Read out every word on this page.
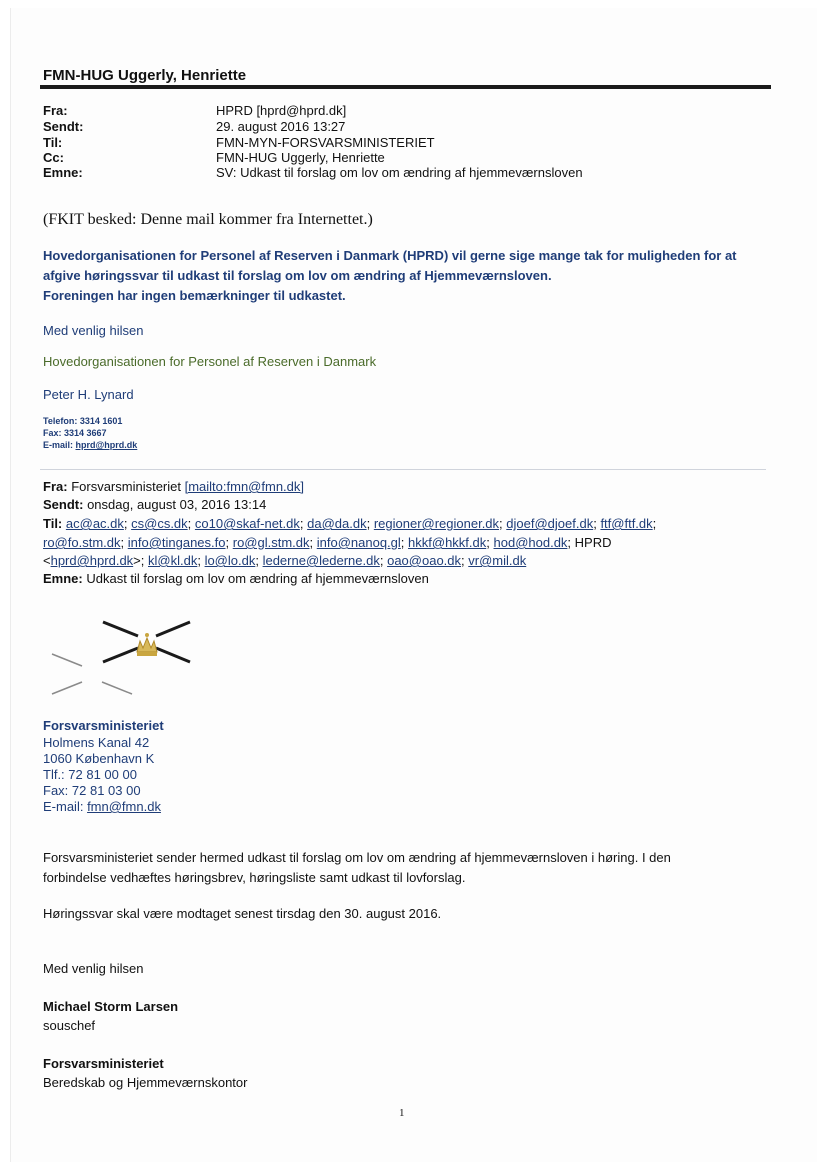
FMN-HUG Uggerly, Henriette
Fra:	HPRD [hprd@hprd.dk]
Sendt:	29. august 2016 13:27
Til:	FMN-MYN-FORSVARSMINISTERIET
Cc:	FMN-HUG Uggerly, Henriette
Emne:	SV: Udkast til forslag om lov om ændring af hjemmeværnsloven
(FKIT besked: Denne mail kommer fra Internettet.)
Hovedorganisationen for Personel af Reserven i Danmark (HPRD) vil gerne sige mange tak for muligheden for at
afgive høringssvar til udkast til forslag om lov om ændring af Hjemmeværnsloven.
Foreningen har ingen bemærkninger til udkastet.
Med venlig hilsen
Hovedorganisationen for Personel af Reserven i Danmark
Peter H. Lynard
Telefon: 3314 1601
Fax: 3314 3667
E-mail: hprd@hprd.dk
Fra: Forsvarsministeriet [mailto:fmn@fmn.dk]
Sendt: onsdag, august 03, 2016 13:14
Til: ac@ac.dk; cs@cs.dk; co10@skaf-net.dk; da@da.dk; regioner@regioner.dk; djoef@djoef.dk; ftf@ftf.dk;
ro@fo.stm.dk; info@tinganes.fo; ro@gl.stm.dk; info@nanoq.gl; hkkf@hkkf.dk; hod@hod.dk; HPRD
<hprd@hprd.dk>; kl@kl.dk; lo@lo.dk; lederne@lederne.dk; oao@oao.dk; vr@mil.dk
Emne: Udkast til forslag om lov om ændring af hjemmeværnsloven
Forsvarsministeriet
Holmens Kanal 42
1060 København K
Tlf.: 72 81 00 00
Fax: 72 81 03 00
E-mail: fmn@fmn.dk
Forsvarsministeriet sender hermed udkast til forslag om lov om ændring af hjemmeværnsloven i høring. I den
forbindelse vedhæftes høringsbrev, høringsliste samt udkast til lovforslag.
Høringssvar skal være modtaget senest tirsdag den 30. august 2016.
Med venlig hilsen
Michael Storm Larsen
souschef
Forsvarsministeriet
Beredskab og Hjemmeværnskontor
1
